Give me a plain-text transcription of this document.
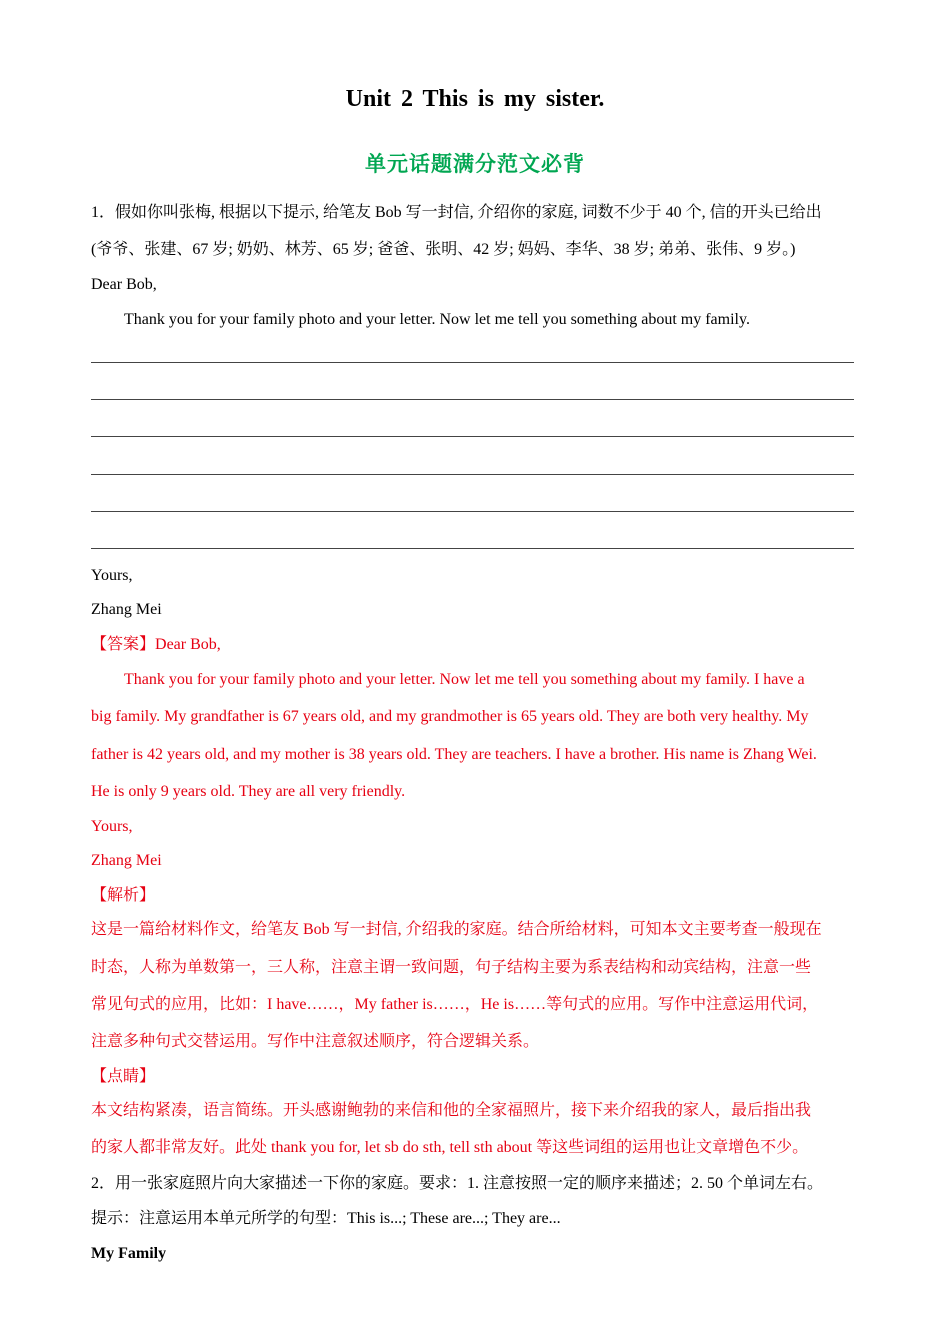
Unit 2 This is my sister.
单元话题满分范文必背
1．假如你叫张梅, 根据以下提示, 给笔友 Bob 写一封信, 介绍你的家庭, 词数不少于 40 个, 信的开头已给出
(爷爷、张建、67 岁; 奶奶、林芳、65 岁; 爸爸、张明、42 岁; 妈妈、李华、38 岁; 弟弟、张伟、9 岁。)
Dear Bob,
Thank you for your family photo and your letter. Now let me tell you something about my family.
Yours,
Zhang Mei
【答案】Dear Bob,
Thank you for your family photo and your letter. Now let me tell you something about my family. I have a
big family. My grandfather is 67 years old, and my grandmother is 65 years old. They are both very healthy. My
father is 42 years old, and my mother is 38 years old. They are teachers. I have a brother. His name is Zhang Wei.
He is only 9 years old. They are all very friendly.
Yours,
Zhang Mei
【解析】
这是一篇给材料作文，给笔友 Bob 写一封信, 介绍我的家庭。结合所给材料，可知本文主要考查一般现在
时态，人称为单数第一，三人称，注意主谓一致问题，句子结构主要为系表结构和动宾结构，注意一些
常见句式的应用，比如：I have……，My father is……，He is……等句式的应用。写作中注意运用代词，
注意多种句式交替运用。写作中注意叙述顺序，符合逻辑关系。
【点睛】
本文结构紧凑，语言简练。开头感谢鲍勃的来信和他的全家福照片，接下来介绍我的家人，最后指出我
的家人都非常友好。此处 thank you for, let sb do sth, tell sth about 等这些词组的运用也让文章增色不少。
2．用一张家庭照片向大家描述一下你的家庭。要求：1. 注意按照一定的顺序来描述；2. 50 个单词左右。
提示：注意运用本单元所学的句型：This is...; These are...; They are...
My Family
